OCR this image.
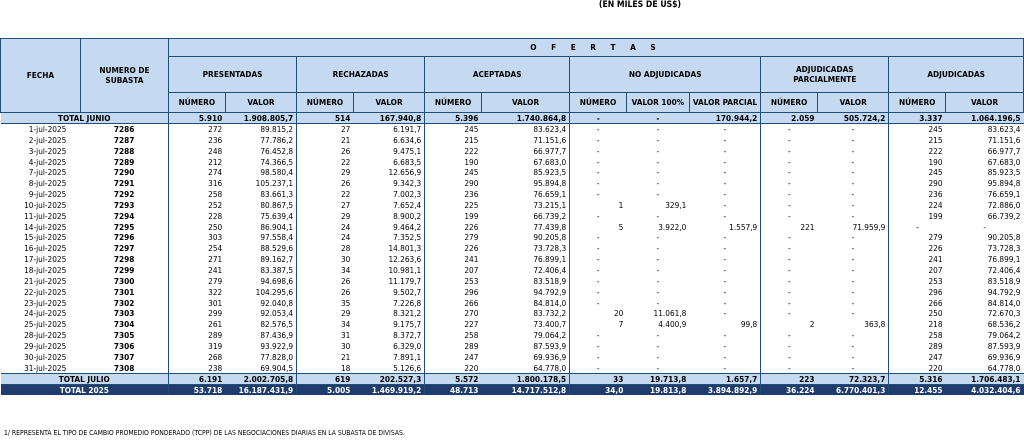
(EN MILES DE US$)
FECHA	NUMERO DE SUBASTA	O F E R T A S												
		PRESENTADAS		RECHAZADAS		ACEPTADAS		NO ADJUDICADAS			ADJUDICADAS PARCIALMENTE		ADJUDICADAS	
		NÚMERO	VALOR	NÚMERO	VALOR	NÚMERO	VALOR	NÚMERO	VALOR 100%	VALOR PARCIAL	NÚMERO	VALOR	NÚMERO	VALOR
TOTAL JUNIO		5.910	1.908.805,7	514	167.940,8	5.396	1.740.864,8	-	-	170.944,2	2.059	505.724,2	3.337	1.064.196,5
1-jul-2025	7286	272	89.815,2	27	6.191,7	245	83.623,4	-	-	-	-	-	245	83.623,4
2-jul-2025	7287	236	77.786,2	21	6.634,6	215	71.151,6	-	-	-	-	-	215	71.151,6
3-jul-2025	7288	248	76.452,8	26	9.475,1	222	66.977,7	-	-	-	-	-	222	66.977,7
4-jul-2025	7289	212	74.366,5	22	6.683,5	190	67.683,0	-	-	-	-	-	190	67.683,0
7-jul-2025	7290	274	98.580,4	29	12.656,9	245	85.923,5	-	-	-	-	-	245	85.923,5
8-jul-2025	7291	316	105.237,1	26	9.342,3	290	95.894,8	-	-	-	-	-	290	95.894,8
9-jul-2025	7292	258	83.661,3	22	7.002,3	236	76.659,1	-	-	-	-	-	236	76.659,1
10-jul-2025	7293	252	80.867,5	27	7.652,4	225	73.215,1	1	329,1	-	-	-	224	72.886,0
11-jul-2025	7294	228	75.639,4	29	8.900,2	199	66.739,2	-	-	-	-	-	199	66.739,2
14-jul-2025	7295	250	86.904,1	24	9.464,2	226	77.439,8	5	3.922,0	1.557,9	221	71.959,9	-	-
15-jul-2025	7296	303	97.558,4	24	7.352,5	279	90.205,8	-	-	-	-	-	279	90.205,8
16-jul-2025	7297	254	88.529,6	28	14.801,3	226	73.728,3	-	-	-	-	-	226	73.728,3
17-jul-2025	7298	271	89.162,7	30	12.263,6	241	76.899,1	-	-	-	-	-	241	76.899,1
18-jul-2025	7299	241	83.387,5	34	10.981,1	207	72.406,4	-	-	-	-	-	207	72.406,4
21-jul-2025	7300	279	94.698,6	26	11.179,7	253	83.518,9	-	-	-	-	-	253	83.518,9
22-jul-2025	7301	322	104.295,6	26	9.502,7	296	94.792,9	-	-	-	-	-	296	94.792,9
23-jul-2025	7302	301	92.040,8	35	7.226,8	266	84.814,0	-	-	-	-	-	266	84.814,0
24-jul-2025	7303	299	92.053,4	29	8.321,2	270	83.732,2	20	11.061,8	-	-	-	250	72.670,3
25-jul-2025	7304	261	82.576,5	34	9.175,7	227	73.400,7	7	4.400,9	99,8	2	363,8	218	68.536,2
28-jul-2025	7305	289	87.436,9	31	8.372,7	258	79.064,2	-	-	-	-	-	258	79.064,2
29-jul-2025	7306	319	93.922,9	30	6.329,0	289	87.593,9	-	-	-	-	-	289	87.593,9
30-jul-2025	7307	268	77.828,0	21	7.891,1	247	69.936,9	-	-	-	-	-	247	69.936,9
31-jul-2025	7308	238	69.904,5	18	5.126,6	220	64.778,0	-	-	-	-	-	220	64.778,0
TOTAL JULIO		6.191	2.002.705,8	619	202.527,3	5.572	1.800.178,5	33	19.713,8	1.657,7	223	72.323,7	5.316	1.706.483,1
TOTAL 2025		53.718	16.187.431,9	5.005	1.469.919,2	48.713	14.717.512,8	34,0	19.813,8	3.894.892,9	36.224	6.770.401,3	12.455	4.032.404,6
1/ REPRESENTA EL TIPO DE CAMBIO PROMEDIO PONDERADO (TCPP) DE LAS NEGOCIACIONES DIARIAS EN LA SUBASTA DE DIVISAS.
